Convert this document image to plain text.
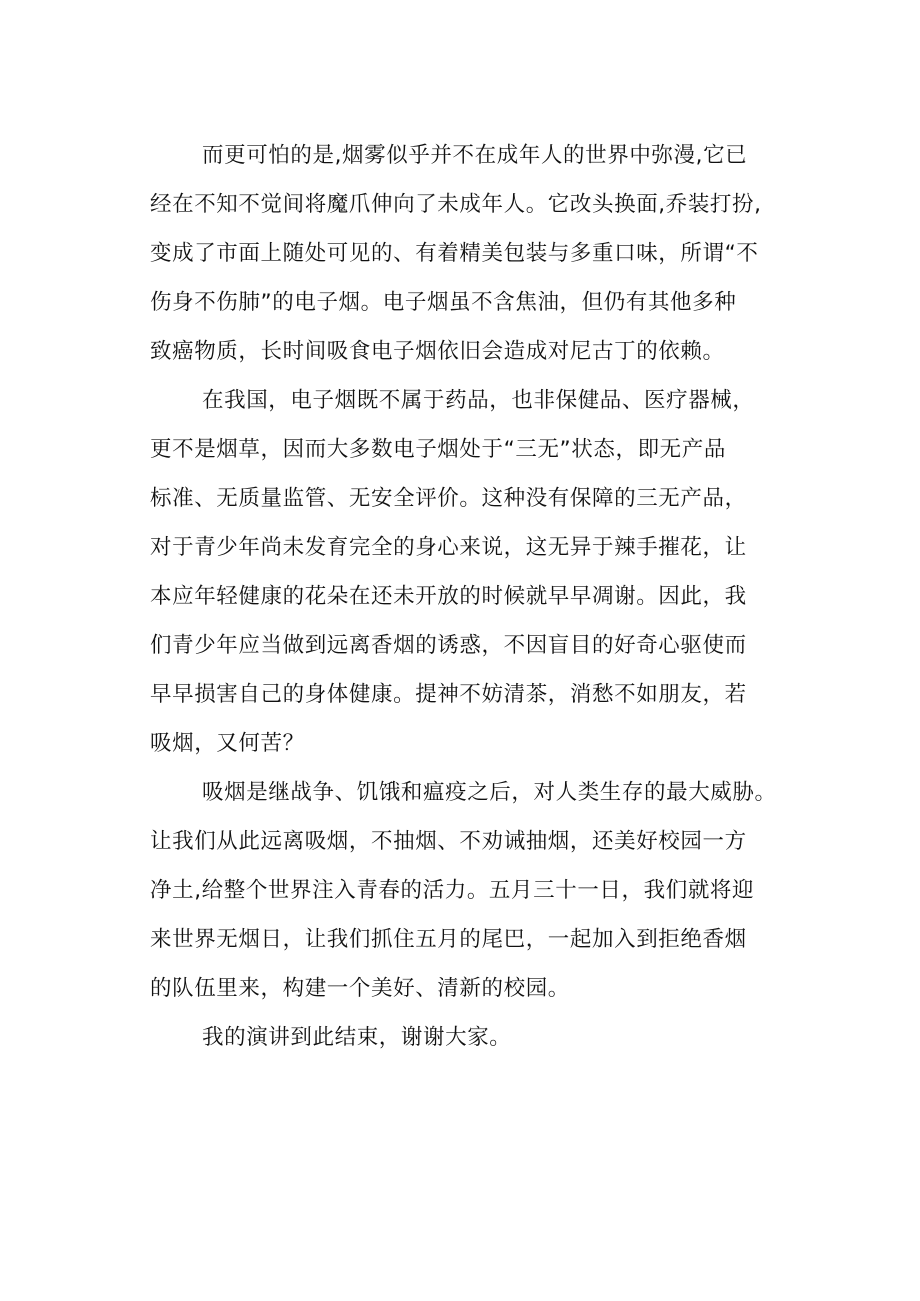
而更可怕的是,烟雾似乎并不在成年人的世界中弥漫,它已
经在不知不觉间将魔爪伸向了未成年人。它改头换面,乔装打扮,
变成了市面上随处可见的、有着精美包装与多重口味，所谓“不
伤身不伤肺”的电子烟。电子烟虽不含焦油，但仍有其他多种
致癌物质，长时间吸食电子烟依旧会造成对尼古丁的依赖。
在我国，电子烟既不属于药品，也非保健品、医疗器械，
更不是烟草，因而大多数电子烟处于“三无”状态，即无产品
标准、无质量监管、无安全评价。这种没有保障的三无产品，
对于青少年尚未发育完全的身心来说，这无异于辣手摧花，让
本应年轻健康的花朵在还未开放的时候就早早凋谢。因此，我
们青少年应当做到远离香烟的诱惑，不因盲目的好奇心驱使而
早早损害自己的身体健康。提神不妨清茶，消愁不如朋友，若
吸烟，又何苦？
吸烟是继战争、饥饿和瘟疫之后，对人类生存的最大威胁。
让我们从此远离吸烟，不抽烟、不劝诫抽烟，还美好校园一方
净土,给整个世界注入青春的活力。五月三十一日，我们就将迎
来世界无烟日，让我们抓住五月的尾巴，一起加入到拒绝香烟
的队伍里来，构建一个美好、清新的校园。
我的演讲到此结束，谢谢大家。
